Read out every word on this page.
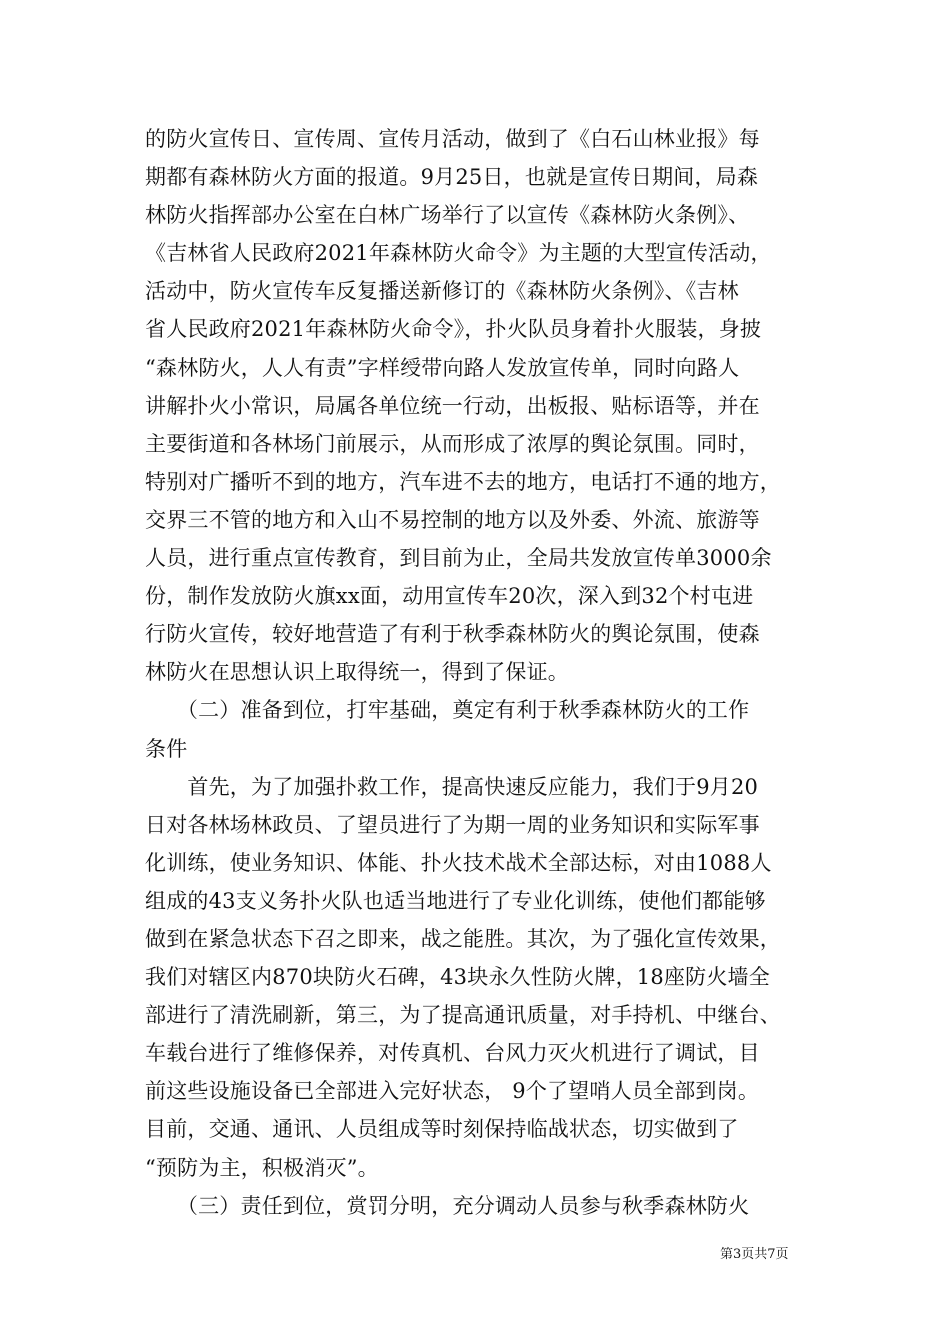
的防火宣传日、宣传周、宣传月活动，做到了《白石山林业报》每
期都有森林防火方面的报道。9月25日，也就是宣传日期间，局森
林防火指挥部办公室在白林广场举行了以宣传《森林防火条例》、
《吉林省人民政府2021年森林防火命令》为主题的大型宣传活动，
活动中，防火宣传车反复播送新修订的《森林防火条例》、《吉林
省人民政府2021年森林防火命令》，扑火队员身着扑火服装，身披
“森林防火，人人有责”字样绶带向路人发放宣传单，同时向路人
讲解扑火小常识，局属各单位统一行动，出板报、贴标语等，并在
主要街道和各林场门前展示，从而形成了浓厚的舆论氛围。同时，
特别对广播听不到的地方，汽车进不去的地方，电话打不通的地方，
交界三不管的地方和入山不易控制的地方以及外委、外流、旅游等
人员，进行重点宣传教育，到目前为止，全局共发放宣传单3000余
份，制作发放防火旗xx面，动用宣传车20次，深入到32个村屯进
行防火宣传，较好地营造了有利于秋季森林防火的舆论氛围，使森
林防火在思想认识上取得统一，得到了保证。
　　（二）准备到位，打牢基础，奠定有利于秋季森林防火的工作
条件
　　首先，为了加强扑救工作，提高快速反应能力，我们于9月20
日对各林场林政员、了望员进行了为期一周的业务知识和实际军事
化训练，使业务知识、体能、扑火技术战术全部达标，对由1088人
组成的43支义务扑火队也适当地进行了专业化训练，使他们都能够
做到在紧急状态下召之即来，战之能胜。其次，为了强化宣传效果，
我们对辖区内870块防火石碑，43块永久性防火牌，18座防火墙全
部进行了清洗刷新，第三，为了提高通讯质量，对手持机、中继台、
车载台进行了维修保养，对传真机、台风力灭火机进行了调试，目
前这些设施设备已全部进入完好状态， 9个了望哨人员全部到岗。
目前，交通、通讯、人员组成等时刻保持临战状态，切实做到了
“预防为主，积极消灭”。
　　（三）责任到位，赏罚分明，充分调动人员参与秋季森林防火
第3页共7页
